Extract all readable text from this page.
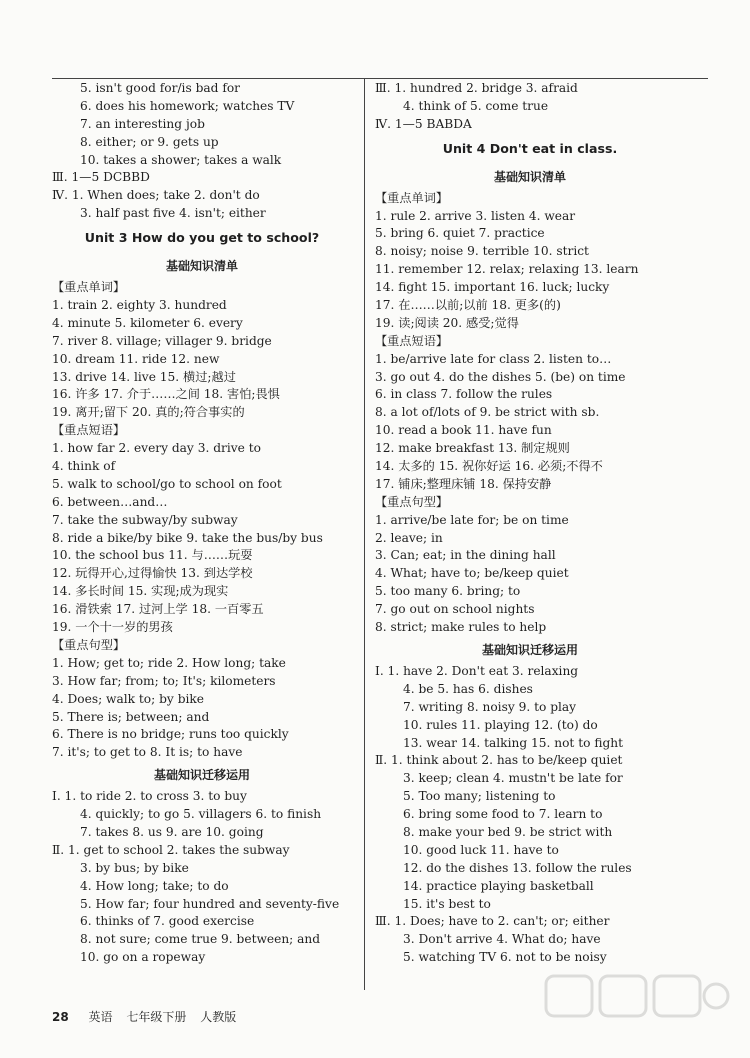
5. isn't good for/is bad for
6. does his homework; watches TV
7. an interesting job
8. either; or 9. gets up
10. takes a shower; takes a walk
Ⅲ. 1—5 DCBBD
Ⅳ. 1. When does; take 2. don't do
3. half past five 4. isn't; either
Unit 3 How do you get to school?
基础知识清单
【重点单词】
1. train 2. eighty 3. hundred
4. minute 5. kilometer 6. every
7. river 8. village; villager 9. bridge
10. dream 11. ride 12. new
13. drive 14. live 15. 横过;越过
16. 许多 17. 介于……之间 18. 害怕;畏惧
19. 离开;留下 20. 真的;符合事实的
【重点短语】
1. how far 2. every day 3. drive to
4. think of
5. walk to school/go to school on foot
6. between…and…
7. take the subway/by subway
8. ride a bike/by bike 9. take the bus/by bus
10. the school bus 11. 与……玩耍
12. 玩得开心,过得愉快 13. 到达学校
14. 多长时间 15. 实现;成为现实
16. 滑铁索 17. 过河上学 18. 一百零五
19. 一个十一岁的男孩
【重点句型】
1. How; get to; ride 2. How long; take
3. How far; from; to; It's; kilometers
4. Does; walk to; by bike
5. There is; between; and
6. There is no bridge; runs too quickly
7. it's; to get to 8. It is; to have
基础知识迁移运用
Ⅰ. 1. to ride 2. to cross 3. to buy
4. quickly; to go 5. villagers 6. to finish
7. takes 8. us 9. are 10. going
Ⅱ. 1. get to school 2. takes the subway
3. by bus; by bike
4. How long; take; to do
5. How far; four hundred and seventy-five
6. thinks of 7. good exercise
8. not sure; come true 9. between; and
10. go on a ropeway
Ⅲ. 1. hundred 2. bridge 3. afraid
4. think of 5. come true
Ⅳ. 1—5 BABDA
Unit 4 Don't eat in class.
基础知识清单
【重点单词】
1. rule 2. arrive 3. listen 4. wear
5. bring 6. quiet 7. practice
8. noisy; noise 9. terrible 10. strict
11. remember 12. relax; relaxing 13. learn
14. fight 15. important 16. luck; lucky
17. 在……以前;以前 18. 更多(的)
19. 读;阅读 20. 感受;觉得
【重点短语】
1. be/arrive late for class 2. listen to…
3. go out 4. do the dishes 5. (be) on time
6. in class 7. follow the rules
8. a lot of/lots of 9. be strict with sb.
10. read a book 11. have fun
12. make breakfast 13. 制定规则
14. 太多的 15. 祝你好运 16. 必须;不得不
17. 铺床;整理床铺 18. 保持安静
【重点句型】
1. arrive/be late for; be on time
2. leave; in
3. Can; eat; in the dining hall
4. What; have to; be/keep quiet
5. too many 6. bring; to
7. go out on school nights
8. strict; make rules to help
基础知识迁移运用
Ⅰ. 1. have 2. Don't eat 3. relaxing
4. be 5. has 6. dishes
7. writing 8. noisy 9. to play
10. rules 11. playing 12. (to) do
13. wear 14. talking 15. not to fight
Ⅱ. 1. think about 2. has to be/keep quiet
3. keep; clean 4. mustn't be late for
5. Too many; listening to
6. bring some food to 7. learn to
8. make your bed 9. be strict with
10. good luck 11. have to
12. do the dishes 13. follow the rules
14. practice playing basketball
15. it's best to
Ⅲ. 1. Does; have to 2. can't; or; either
3. Don't arrive 4. What do; have
5. watching TV 6. not to be noisy
28 英语 七年级下册 人教版
